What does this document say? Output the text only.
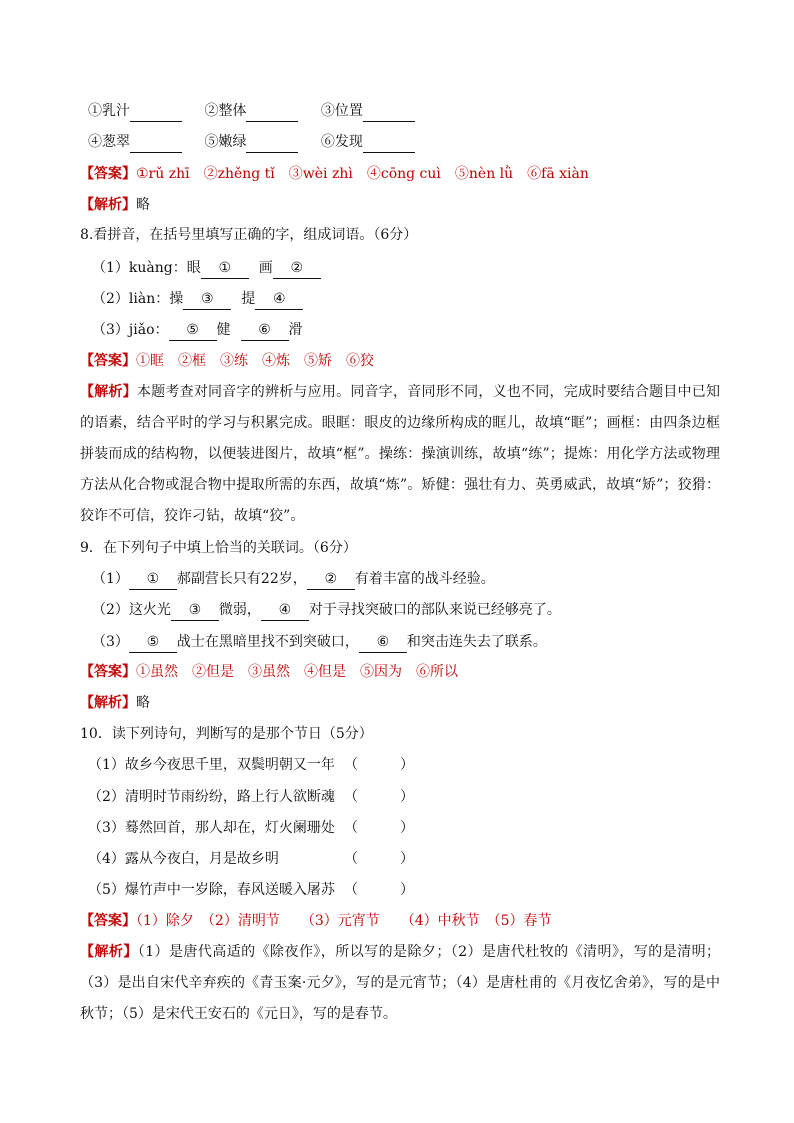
①乳汁	②整体	③位置
④葱翠	⑤嫩绿	⑥发现
【答案】①rǔ zhī　②zhěng tǐ　③wèi zhì　④cōng cuì　⑤nèn lǜ　⑥fā xiàn
【解析】略
8.看拼音，在括号里填写正确的字，组成词语。（6分）
（1）kuàng：眼 ① 画 ②
（2）liàn：操 ③ 提 ④
（3）jiǎo： ⑤ 健 ⑥ 滑
【答案】①眶　②框　③练　④炼　⑤矫　⑥狡
【解析】本题考查对同音字的辨析与应用。同音字，音同形不同，义也不同，完成时要结合题目中已知的语素，结合平时的学习与积累完成。眼眶：眼皮的边缘所构成的眶儿，故填“眶”；画框：由四条边框拼装而成的结构物，以便装进图片，故填“框”。操练：操演训练，故填“练”；提炼：用化学方法或物理方法从化合物或混合物中提取所需的东西，故填“炼”。矫健：强壮有力、英勇威武，故填“矫”；狡猾：狡诈不可信，狡诈刁钻，故填“狡”。
9．在下列句子中填上恰当的关联词。（6分）
（1） ① 郝副营长只有22岁， ② 有着丰富的战斗经验。
（2）这火光 ③ 微弱， ④ 对于寻找突破口的部队来说已经够亮了。
（3） ⑤ 战士在黑暗里找不到突破口， ⑥ 和突击连失去了联系。
【答案】①虽然　②但是　③虽然　④但是　⑤因为　⑥所以
【解析】略
10．读下列诗句，判断写的是那个节日（5分）
（1）故乡今夜思千里，双鬓明朝又一年 （　　　）
（2）清明时节雨纷纷，路上行人欲断魂 （　　　）
（3）蓦然回首，那人却在，灯火阑珊处 （　　　）
（4）露从今夜白，月是故乡明	（　　　）
（5）爆竹声中一岁除，春风送暖入屠苏 （　　　）
【答案】（1）除夕　（2）清明节　　（3）元宵节　　（4）中秋节　（5）春节
【解析】（1）是唐代高适的《除夜作》，所以写的是除夕；（2）是唐代杜牧的《清明》，写的是清明；（3）是出自宋代辛弃疾的《青玉案·元夕》，写的是元宵节；（4）是唐杜甫的《月夜忆舍弟》，写的是中秋节；（5）是宋代王安石的《元日》，写的是春节。
